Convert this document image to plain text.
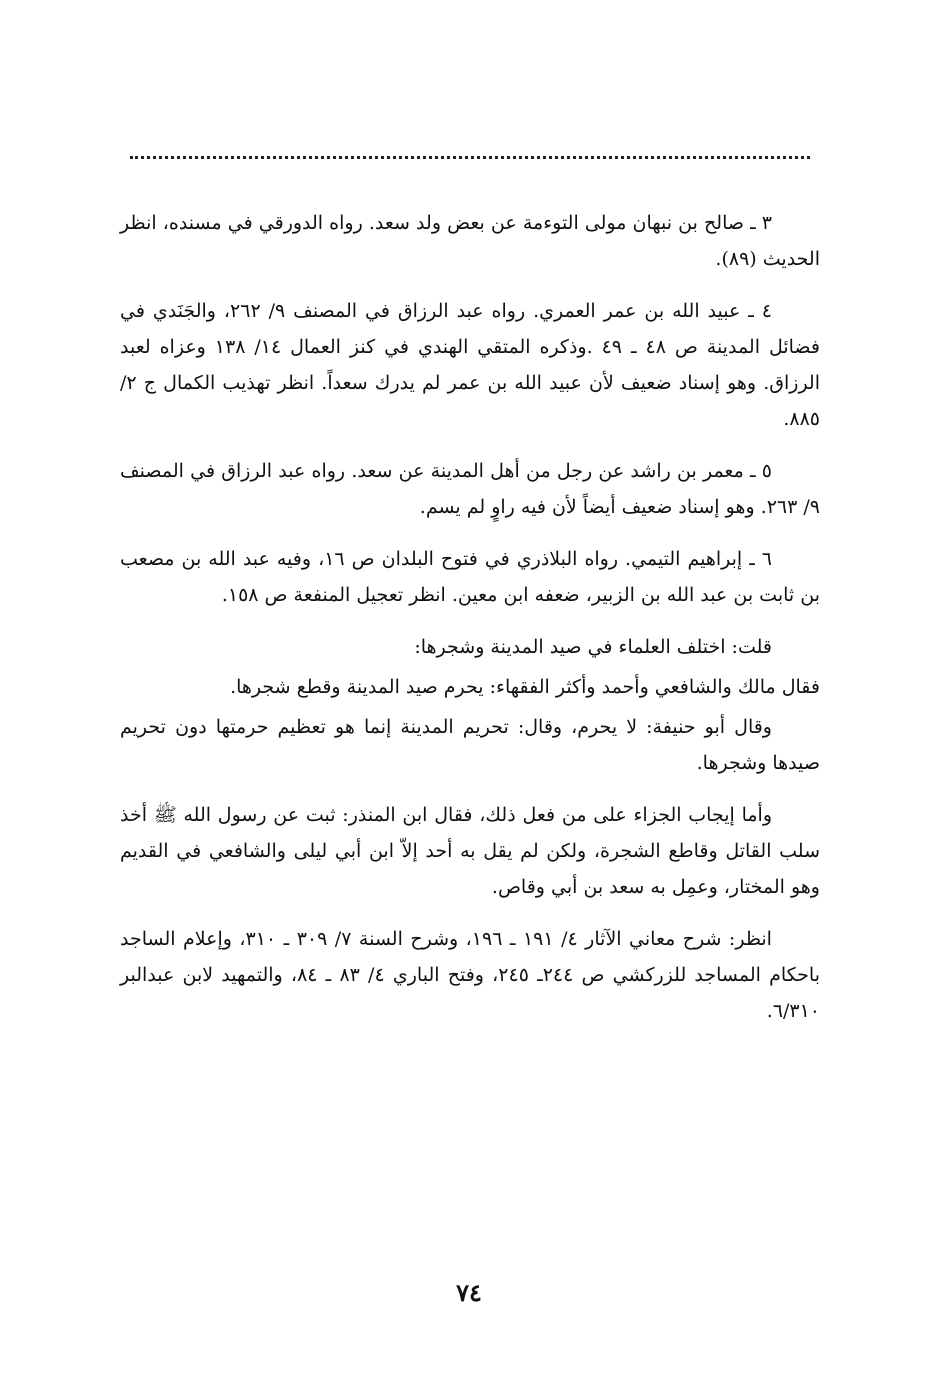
٣ ـ صالح بن نبهان مولى التوءمة عن بعض ولد سعد. رواه الدورقي في مسنده، انظر الحديث (٨٩).

٤ ـ عبيد الله بن عمر العمري. رواه عبد الرزاق في المصنف ٩/ ٢٦٢، والجَنَدي في فضائل المدينة ص ٤٨ ـ ٤٩ .وذكره المتقي الهندي في كنز العمال ١٤/ ١٣٨ وعزاه لعبد الرزاق. وهو إسناد ضعيف لأن عبيد الله بن عمر لم يدرك سعداً. انظر تهذيب الكمال ج ٢/ ٨٨٥.

٥ ـ معمر بن راشد عن رجل من أهل المدينة عن سعد. رواه عبد الرزاق في المصنف ٩/ ٢٦٣. وهو إسناد ضعيف أيضاً لأن فيه راوٍ لم يسم.

٦ ـ إبراهيم التيمي. رواه البلاذري في فتوح البلدان ص ١٦، وفيه عبد الله بن مصعب بن ثابت بن عبد الله بن الزبير، ضعفه ابن معين. انظر تعجيل المنفعة ص ١٥٨.

قلت: اختلف العلماء في صيد المدينة وشجرها:

فقال مالك والشافعي وأحمد وأكثر الفقهاء: يحرم صيد المدينة وقطع شجرها.

وقال أبو حنيفة: لا يحرم، وقال: تحريم المدينة إنما هو تعظيم حرمتها دون تحريم صيدها وشجرها.

وأما إيجاب الجزاء على من فعل ذلك، فقال ابن المنذر: ثبت عن رسول الله ﷺ أخذ سلب القاتل وقاطع الشجرة، ولكن لم يقل به أحد إلاّ ابن أبي ليلى والشافعي في القديم وهو المختار، وعمِل به سعد بن أبي وقاص.

انظر: شرح معاني الآثار ٤/ ١٩١ ـ ١٩٦، وشرح السنة ٧/ ٣٠٩ ـ ٣١٠، وإعلام الساجد باحكام المساجد للزركشي ص ٢٤٤ـ ٢٤٥، وفتح الباري ٤/ ٨٣ ـ ٨٤، والتمهيد لابن عبدالبر ٦/٣١٠.

٧٤
